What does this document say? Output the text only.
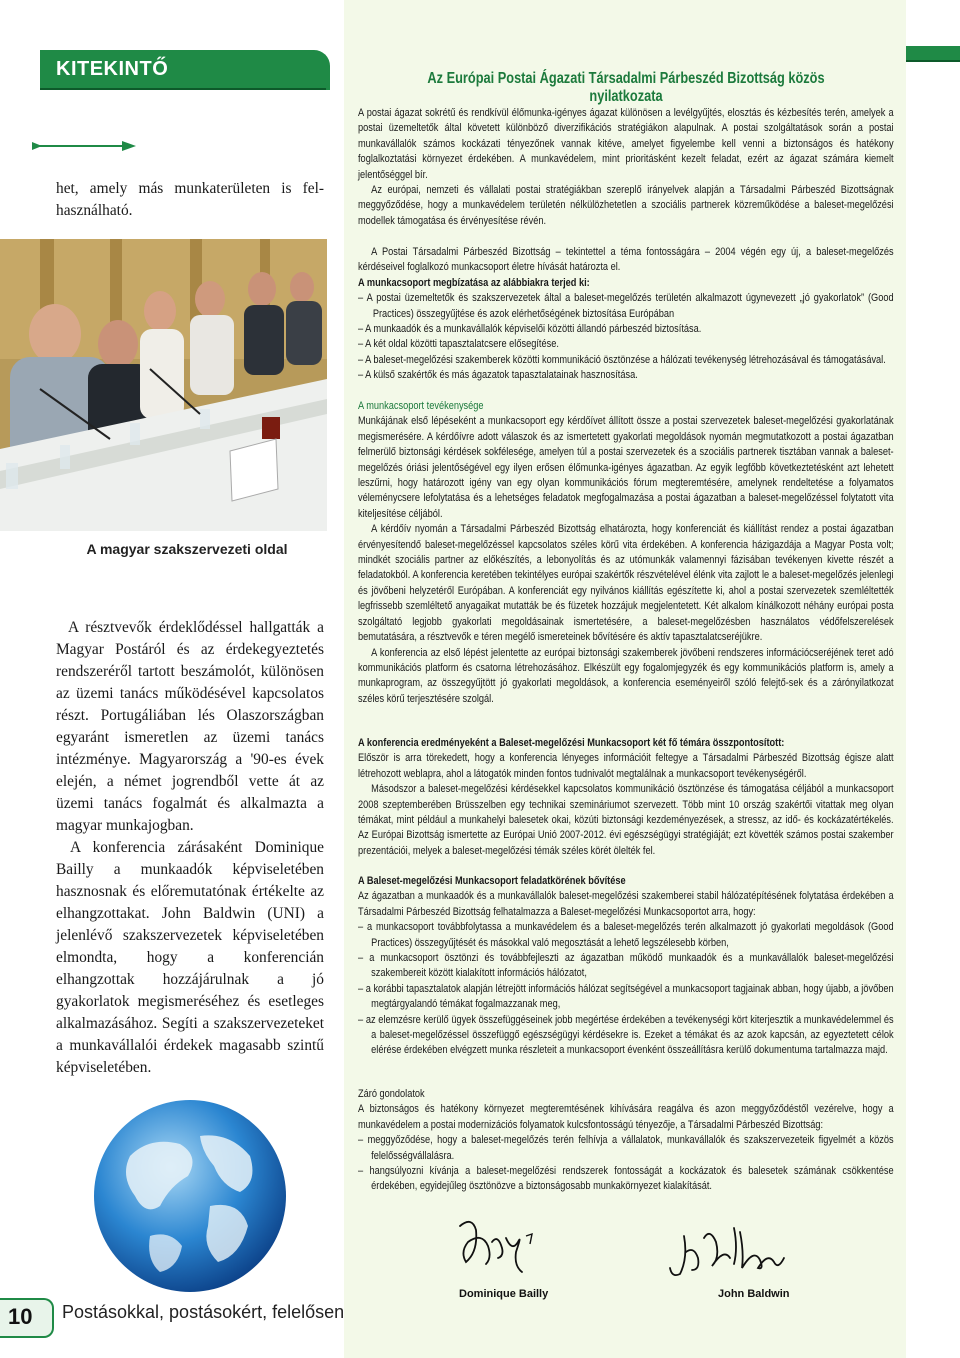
KITEKINTŐ
het, amely más munkaterületen is fel-használható.
A magyar szakszervezeti oldal

A résztvevők érdeklődéssel hallgatták a Magyar Postáról és az érdekegyeztetés rendszeréről tartott beszámolót, különösen az üzemi tanács működésével kapcsolatos részt. Portugáliában lés Olaszországban egyaránt ismeretlen az üzemi tanács intézménye. Magyarország a '90-es évek elején, a német jogrendből vette át az üzemi tanács fogalmát és alkalmazta a magyar munkajogban.

A konferencia zárásaként Dominique Bailly a munkaadók képviseletében hasznosnak és előremutatónak értékelte az elhangzottakat. John Baldwin (UNI) a jelenlévő szakszervezetek képviseletében elmondta, hogy a konferencián elhangzottak hozzájárulnak a jó gyakorlatok megismeréséhez és esetleges alkalmazásához. Segíti a szakszervezeteket a munkavállalói érdekek magasabb szintű képviseletében.

10 Postásokkal, postásokért, felelősen
Az Európai Postai Ágazati Társadalmi Párbeszéd Bizottság közös nyilatkozata

A postai ágazat sokrétű és rendkívül élőmunka-igényes ágazat különösen a levélgyűjtés, elosztás és kézbesítés terén, amelyek a postai üzemeltetők által követett különböző diverzifikációs stratégiákon alapulnak. A postai szolgáltatások során a postai munkavállalók számos kockázati tényezőnek vannak kitéve, amelyet figyelembe kell venni a biztonságos és hatékony foglalkoztatási környezet érdekében. A munkavédelem, mint prioritásként kezelt feladat, ezért az ágazat számára kiemelt jelentőséggel bír.

Az európai, nemzeti és vállalati postai stratégiákban szereplő irányelvek alapján a Társadalmi Párbeszéd Bizottságnak meggyőződése, hogy a munkavédelem területén nélkülözhetetlen a szociális partnerek közreműködése a baleset-megelőzési modellek támogatása és érvényesítése révén.

A Postai Társadalmi Párbeszéd Bizottság – tekintettel a téma fontosságára – 2004 végén egy új, a baleset-megelőzés kérdéseivel foglalkozó munkacsoport életre hívását határozta el.

A munkacsoport megbízatása az alábbiakra terjed ki:

– A postai üzemeltetők és szakszervezetek által a baleset-megelőzés területén alkalmazott úgynevezett „jó gyakorlatok” (Good Practices) összegyűjtése és azok elérhetőségének biztosítása Európában
– A munkaadók és a munkavállalók képviselői közötti állandó párbeszéd biztosítása.
– A két oldal közötti tapasztalatcsere elősegítése.
– A baleset-megelőzési szakemberek közötti kommunikáció ösztönzése a hálózati tevékenység létrehozásával és támogatásával.
– A külső szakértők és más ágazatok tapasztalatainak hasznosítása.

A munkacsoport tevékenysége

Munkájának első lépéseként a munkacsoport egy kérdőívet állított össze a postai szervezetek baleset-megelőzési gyakorlatának megismerésére. A kérdőívre adott válaszok és az ismertetett gyakorlati megoldások nyomán megmutatkozott a postai ágazatban felmerülő biztonsági kérdések sokfélesége, amelyen túl a postai szervezetek és a szociális partnerek tisztában vannak a baleset-megelőzés óriási jelentőségével egy ilyen erősen élőmunka-igényes ágazatban. Az egyik legfőbb következtetésként azt lehetett leszűrni, hogy határozott igény van egy olyan kommunikációs fórum megteremtésére, amelynek rendeltetése a folyamatos véleménycsere lefolytatása és a lehetséges feladatok megfogalmazása a postai ágazatban a baleset-megelőzéssel folytatott vita kiteljesítése céljából.

A kérdőív nyomán a Társadalmi Párbeszéd Bizottság elhatározta, hogy konferenciát és kiállítást rendez a postai ágazatban érvényesítendő baleset-megelőzéssel kapcsolatos széles körű vita érdekében. A konferencia házigazdája a Magyar Posta volt; mindkét szociális partner az előkészítés, a lebonyolítás és az utómunkák valamennyi fázisában tevékenyen kivette részét a feladatokból. A konferencia keretében tekintélyes európai szakértők részvételével élénk vita zajlott le a baleset-megelőzés jelenlegi és jövőbeni helyzetéről Európában. A konferenciát egy nyilvános kiállítás egészítette ki, ahol a postai szervezetek szemléltették legfrissebb szemléltető anyagaikat mutatták be és füzetek hozzájuk megjelentetett. Két alkalom kínálkozott néhány európai posta szolgáltató legjobb gyakorlati megoldásainak ismertetésére, a baleset-megelőzésben használatos védőfelszerelések bemutatására, a résztvevők e téren megélő ismereteinek bővítésére és aktív tapasztalatcseréjükre.

A konferencia az első lépést jelentette az európai biztonsági szakemberek jövőbeni rendszeres információcseréjének teret adó kommunikációs platform és csatorna létrehozásához. Elkészült egy fogalomjegyzék és egy kommunikációs platform is, amely a munkaprogram, az összegyűjtött jó gyakorlati megoldások, a konferencia eseményeiről szóló felejtő-sek és a zárónyilatkozat széles körű terjesztésére szolgál.

A konferencia eredményeként a Baleset-megelőzési Munkacsoport két fő témára összpontosított:

Először is arra törekedett, hogy a konferencia lényeges információit feltegye a Társadalmi Párbeszéd Bizottság égisze alatt létrehozott weblapra, ahol a látogatók minden fontos tudnivalót megtalálnak a munkacsoport tevékenységéről.

Másodszor a baleset-megelőzési kérdésekkel kapcsolatos kommunikáció ösztönzése és támogatása céljából a munkacsoport 2008 szeptemberében Brüsszelben egy technikai szemináriumot szervezett. Több mint 10 ország szakértői vitattak meg olyan témákat, mint például a munkahelyi balesetek okai, közúti biztonsági kezdeményezések, a stressz, az idő- és kockázatértékelés. Az Európai Bizottság ismertette az Európai Unió 2007-2012. évi egészségügyi stratégiáját; ezt követték számos postai szakember prezentációi, melyek a baleset-megelőzési témák széles körét ölelték fel.

A Baleset-megelőzési Munkacsoport feladatkörének bővítése

Az ágazatban a munkaadók és a munkavállalók baleset-megelőzési szakemberei stabil hálózatépítésének folytatása érdekében a Társadalmi Párbeszéd Bizottság felhatalmazza a Baleset-megelőzési Munkacsoportot arra, hogy:

– a munkacsoport továbbfolytassa a munkavédelem és a baleset-megelőzés terén alkalmazott jó gyakorlati megoldások (Good Practices) összegyűjtését és másokkal való megosztását a lehető legszélesebb körben,
– a munkacsoport ösztönzi és továbbfejleszti az ágazatban működő munkaadók és a munkavállalók baleset-megelőzési szakembereit között kialakított információs hálózatot,
– a korábbi tapasztalatok alapján létrejött információs hálózat segítségével a munkacsoport tagjainak abban, hogy újabb, a jövőben megtárgyalandó témákat fogalmazzanak meg,
– az elemzésre kerülő ügyek összefüggéseinek jobb megértése érdekében a tevékenységi kört kiterjesztik a munkavédelemmel és a baleset-megelőzéssel összefüggő egészségügyi kérdésekre is. Ezeket a témákat és az azok kapcsán, az egyeztetett célok elérése érdekében elvégzett munka részleteit a munkacsoport évenként összeállításra kerülő dokumentuma tartalmazza majd.

Záró gondolatok

A biztonságos és hatékony környezet megteremtésének kihívására reagálva és azon meggyőződéstől vezérelve, hogy a munkavédelem a postai modernizációs folyamatok kulcsfontosságú tényezője, a Társadalmi Párbeszéd Bizottság:

– meggyőződése, hogy a baleset-megelőzés terén felhívja a vállalatok, munkavállalók és szakszervezeteik figyelmét a közös felelősségvállalásra.
– hangsúlyozni kívánja a baleset-megelőzési rendszerek fontosságát a kockázatok és balesetek számának csökkentése érdekében, egyidejűleg ösztönözve a biztonságosabb munkakörnyezet kialakítását.
Dominique Bailly	John Baldwin
